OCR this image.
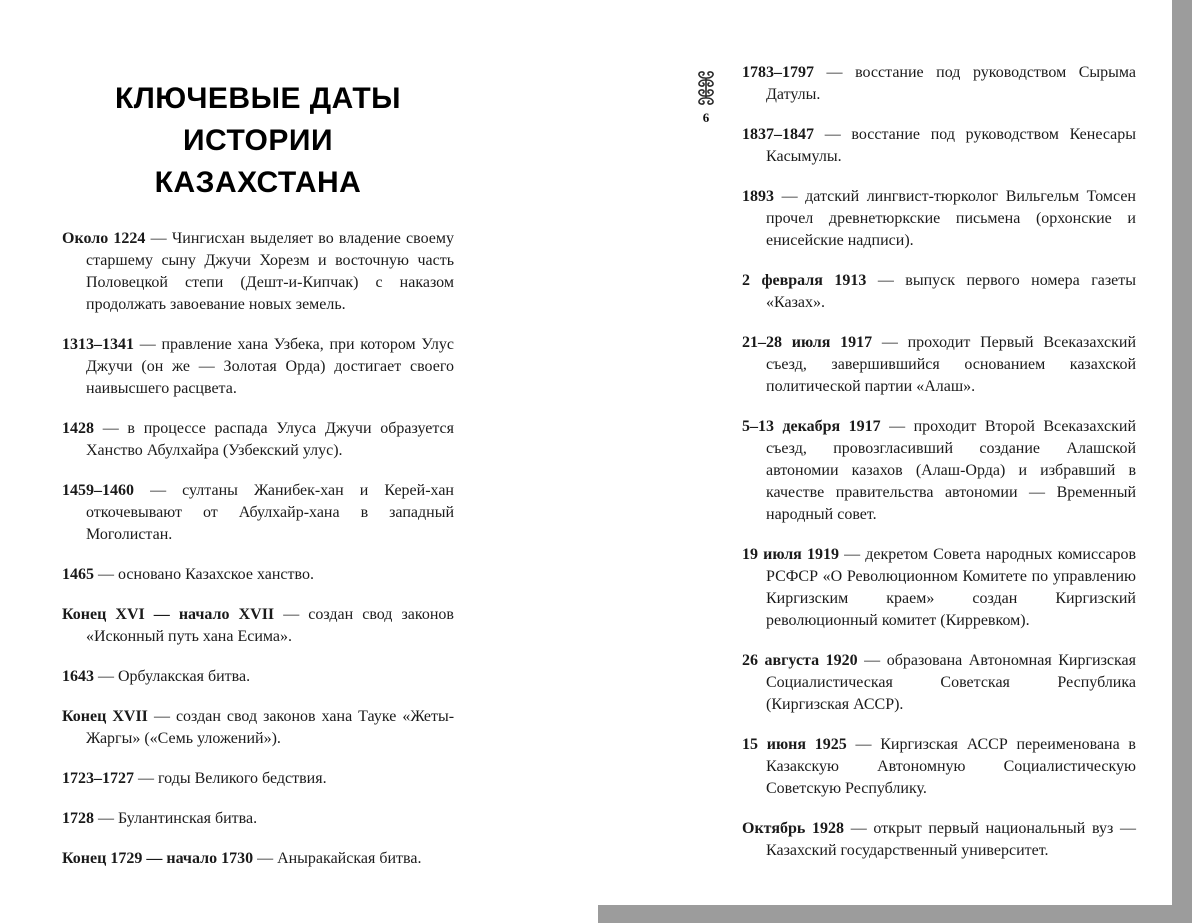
КЛЮЧЕВЫЕ ДАТЫ
ИСТОРИИ
КАЗАХСТАНА

Около 1224 — Чингисхан выделяет во владение своему старшему сыну Джучи Хорезм и восточную часть Половецкой степи (Дешт-и-Кипчак) с наказом продолжать завоевание новых земель.

1313–1341 — правление хана Узбека, при котором Улус Джучи (он же — Золотая Орда) достигает своего наивысшего расцвета.

1428 — в процессе распада Улуса Джучи образуется Ханство Абулхайра (Узбекский улус).

1459–1460 — султаны Жанибек-хан и Керей-хан откочевывают от Абулхайр-хана в западный Моголистан.

1465 — основано Казахское ханство.

Конец XVI — начало XVII — создан свод законов «Исконный путь хана Есима».

1643 — Орбулакская битва.

Конец XVII — создан свод законов хана Тауке «Жеты-Жаргы» («Семь уложений»).

1723–1727 — годы Великого бедствия.

1728 — Булантинская битва.

Конец 1729 — начало 1730 — Аныракайская битва.

6

1783–1797 — восстание под руководством Сырыма Датулы.

1837–1847 — восстание под руководством Кенесары Касымулы.

1893 — датский лингвист-тюрколог Вильгельм Томсен прочел древнетюркские письмена (орхонские и енисейские надписи).

2 февраля 1913 — выпуск первого номера газеты «Казах».

21–28 июля 1917 — проходит Первый Всеказахский съезд, завершившийся основанием казахской политической партии «Алаш».

5–13 декабря 1917 — проходит Второй Всеказахский съезд, провозгласивший создание Алашской автономии казахов (Алаш-Орда) и избравший в качестве правительства автономии — Временный народный совет.

19 июля 1919 — декретом Совета народных комиссаров РСФСР «О Революционном Комитете по управлению Киргизским краем» создан Киргизский революционный комитет (Кирревком).

26 августа 1920 — образована Автономная Киргизская Социалистическая Советская Республика (Киргизская АССР).

15 июня 1925 — Киргизская АССР переименована в Казакскую Автономную Социалистическую Советскую Республику.

Октябрь 1928 — открыт первый национальный вуз — Казахский государственный университет.
